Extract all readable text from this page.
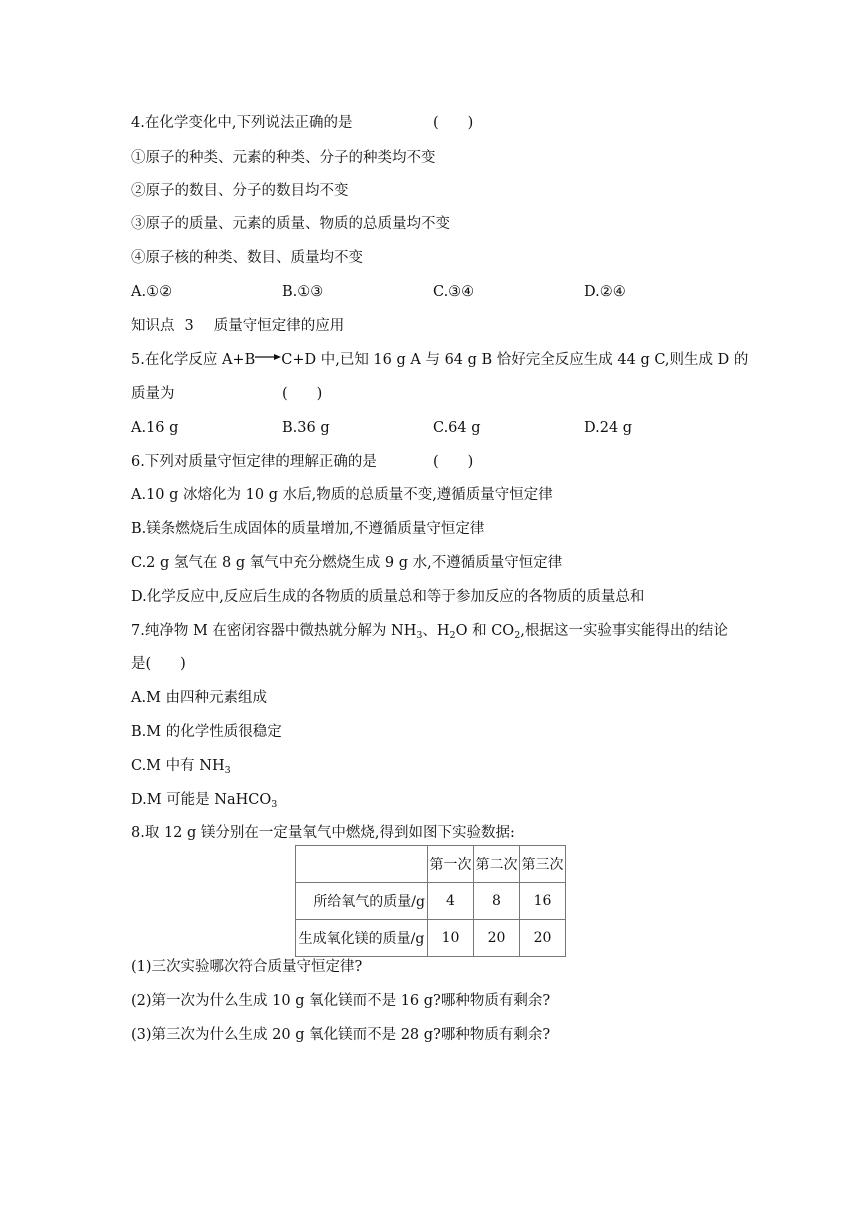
4.在化学变化中,下列说法正确的是	(　　)
①原子的种类、元素的种类、分子的种类均不变
②原子的数目、分子的数目均不变
③原子的质量、元素的质量、物质的总质量均不变
④原子核的种类、数目、质量均不变
A.①②	B.①③	C.③④	D.②④
知识点 3 质量守恒定律的应用
5.在化学反应 A+B→C+D 中,已知 16 g A 与 64 g B 恰好完全反应生成 44 g C,则生成 D 的
质量为	(　　)
A.16 g	B.36 g	C.64 g	D.24 g
6.下列对质量守恒定律的理解正确的是	(　　)
A.10 g 冰熔化为 10 g 水后,物质的总质量不变,遵循质量守恒定律
B.镁条燃烧后生成固体的质量增加,不遵循质量守恒定律
C.2 g 氢气在 8 g 氧气中充分燃烧生成 9 g 水,不遵循质量守恒定律
D.化学反应中,反应后生成的各物质的质量总和等于参加反应的各物质的质量总和
7.纯净物 M 在密闭容器中微热就分解为 $NH_3$、$H_2O$ 和 $CO_2$,根据这一实验事实能得出的结论
是(　　)
A.M 由四种元素组成
B.M 的化学性质很稳定
C.M 中有 $NH_3$
D.M 可能是 NaHCO$_3$
8.取 12 g 镁分别在一定量氧气中燃烧,得到如图下实验数据:
	第一次	第二次	第三次
所给氧气的质量/g	4	8	16
生成氧化镁的质量/g	10	20	20
(1)三次实验哪次符合质量守恒定律?
(2)第一次为什么生成 10 g 氧化镁而不是 16 g?哪种物质有剩余?
(3)第三次为什么生成 20 g 氧化镁而不是 28 g?哪种物质有剩余?
